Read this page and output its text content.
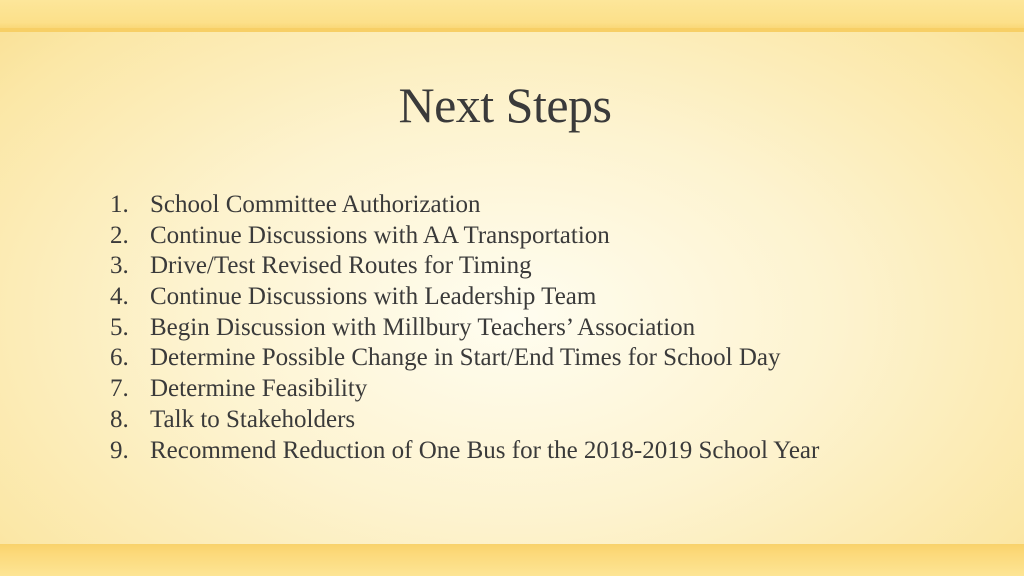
Next Steps
1. School Committee Authorization
2. Continue Discussions with AA Transportation
3. Drive/Test Revised Routes for Timing
4. Continue Discussions with Leadership Team
5. Begin Discussion with Millbury Teachers’ Association
6. Determine Possible Change in Start/End Times for School Day
7. Determine Feasibility
8. Talk to Stakeholders
9. Recommend Reduction of One Bus for the 2018-2019 School Year
